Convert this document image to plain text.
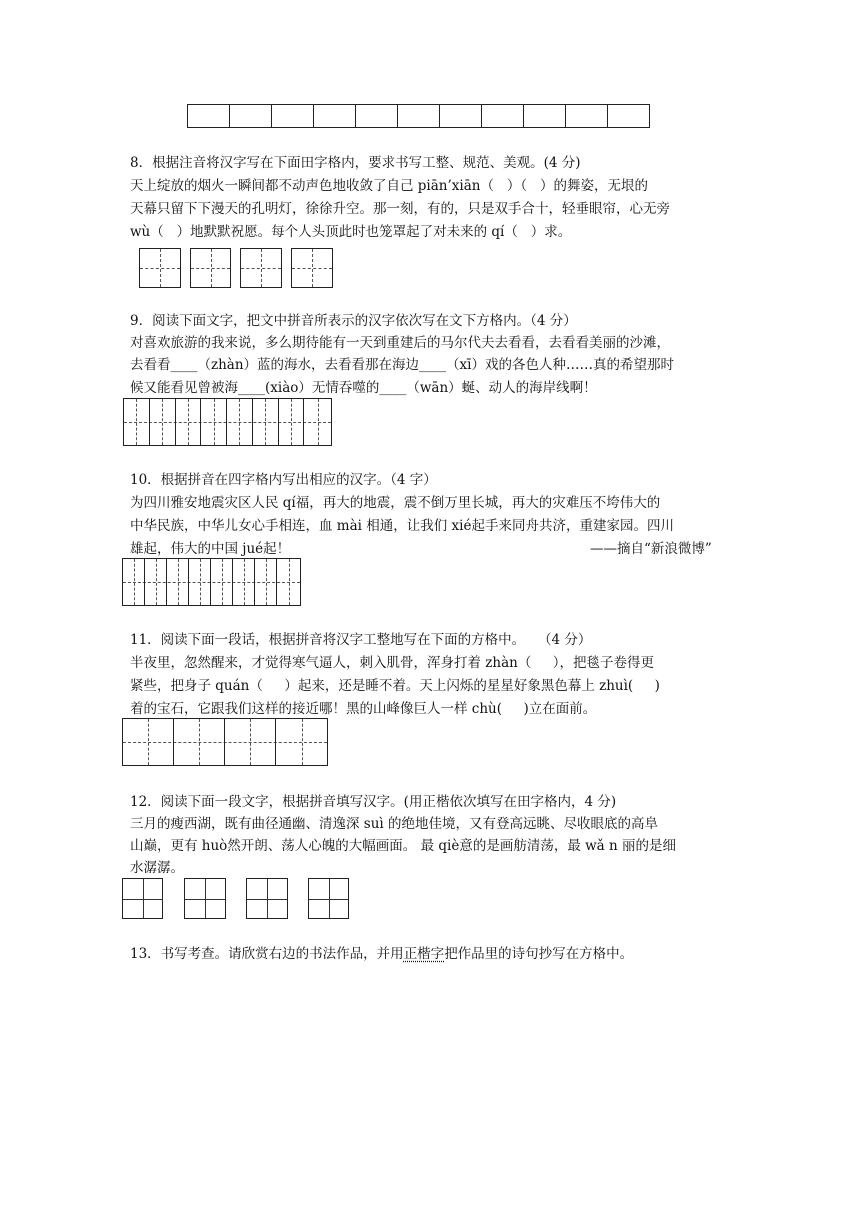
8．根据注音将汉字写在下面田字格内，要求书写工整、规范、美观。(4 分)
天上绽放的烟火一瞬间都不动声色地收敛了自己 piān’xiān（   ）（   ）的舞姿，无垠的
天幕只留下下漫天的孔明灯，徐徐升空。那一刻，有的，只是双手合十，轻垂眼帘，心无旁
wù（   ）地默默祝愿。每个人头顶此时也笼罩起了对未来的 qí（   ）求。
9．阅读下面文字，把文中拼音所表示的汉字依次写在文下方格内。（4 分）
对喜欢旅游的我来说，多么期待能有一天到重建后的马尔代夫去看看，去看看美丽的沙滩，
去看看____（zhàn）蓝的海水，去看看那在海边____（xī）戏的各色人种……真的希望那时
候又能看见曾被海____(xiào）无情吞噬的____（wān）蜒、动人的海岸线啊！
10．根据拼音在四字格内写出相应的汉字。（4 字）
为四川雅安地震灾区人民 qí福，再大的地震，震不倒万里长城，再大的灾难压不垮伟大的
中华民族，中华儿女心手相连，血 mài 相通，让我们 xié起手来同舟共济，重建家园。四川
雄起，伟大的中国 jué起！	——摘自“新浪微博”
11．阅读下面一段话，根据拼音将汉字工整地写在下面的方格中。   （4 分）
半夜里，忽然醒来，才觉得寒气逼人，刺入肌骨，浑身打着 zhàn（     ），把毯子卷得更
紧些，把身子 quán（     ）起来，还是睡不着。天上闪烁的星星好象黑色幕上 zhuì(     )
着的宝石，它跟我们这样的接近哪！黑的山峰像巨人一样 chù(     )立在面前。
12．阅读下面一段文字，根据拼音填写汉字。(用正楷依次填写在田字格内，4 分)
三月的瘦西湖，既有曲径通幽、清逸深 suì 的绝地佳境，又有登高远眺、尽收眼底的高阜
山巅，更有 huò然开朗、荡人心魄的大幅画面。 最 qiè意的是画舫清荡，最 wǎ n 丽的是细
水潺潺。
13．书写考查。请欣赏右边的书法作品，并用正楷字把作品里的诗句抄写在方格中。
